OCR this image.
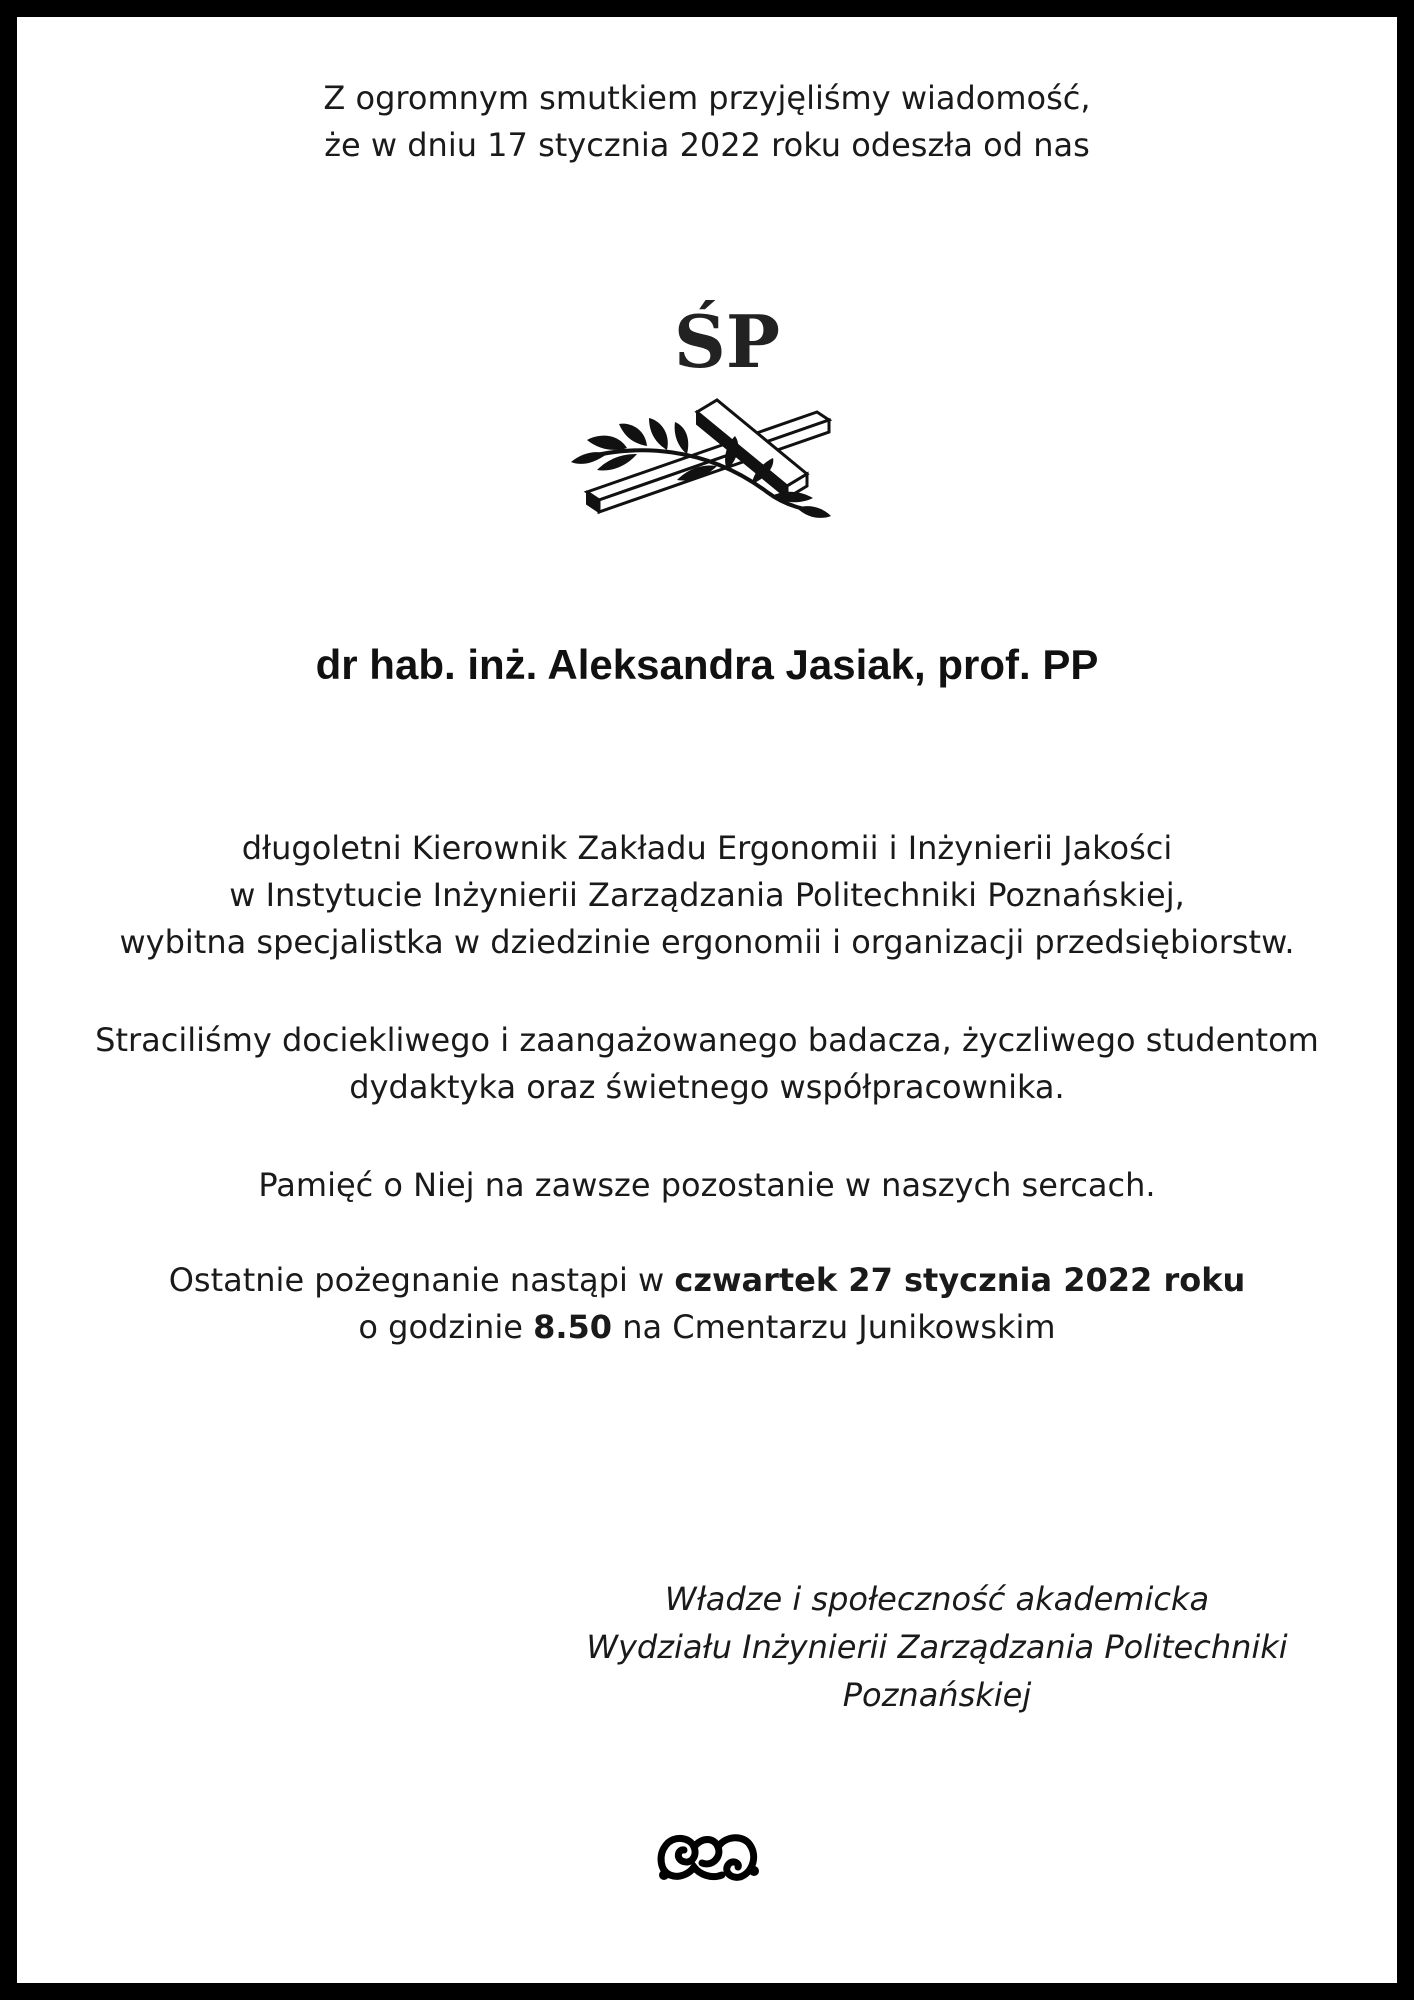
Z ogromnym smutkiem przyjęliśmy wiadomość,
że w dniu 17 stycznia 2022 roku odeszła od nas
ŚP
dr hab. inż. Aleksandra Jasiak, prof. PP
długoletni Kierownik Zakładu Ergonomii i Inżynierii Jakości
w Instytucie Inżynierii Zarządzania Politechniki Poznańskiej,
wybitna specjalistka w dziedzinie ergonomii i organizacji przedsiębiorstw.
Straciliśmy dociekliwego i zaangażowanego badacza, życzliwego studentom
dydaktyka oraz świetnego współpracownika.
Pamięć o Niej na zawsze pozostanie w naszych sercach.
Ostatnie pożegnanie nastąpi w czwartek 27 stycznia 2022 roku
o godzinie 8.50 na Cmentarzu Junikowskim
Władze i społeczność akademicka
Wydziału Inżynierii Zarządzania Politechniki Poznańskiej
